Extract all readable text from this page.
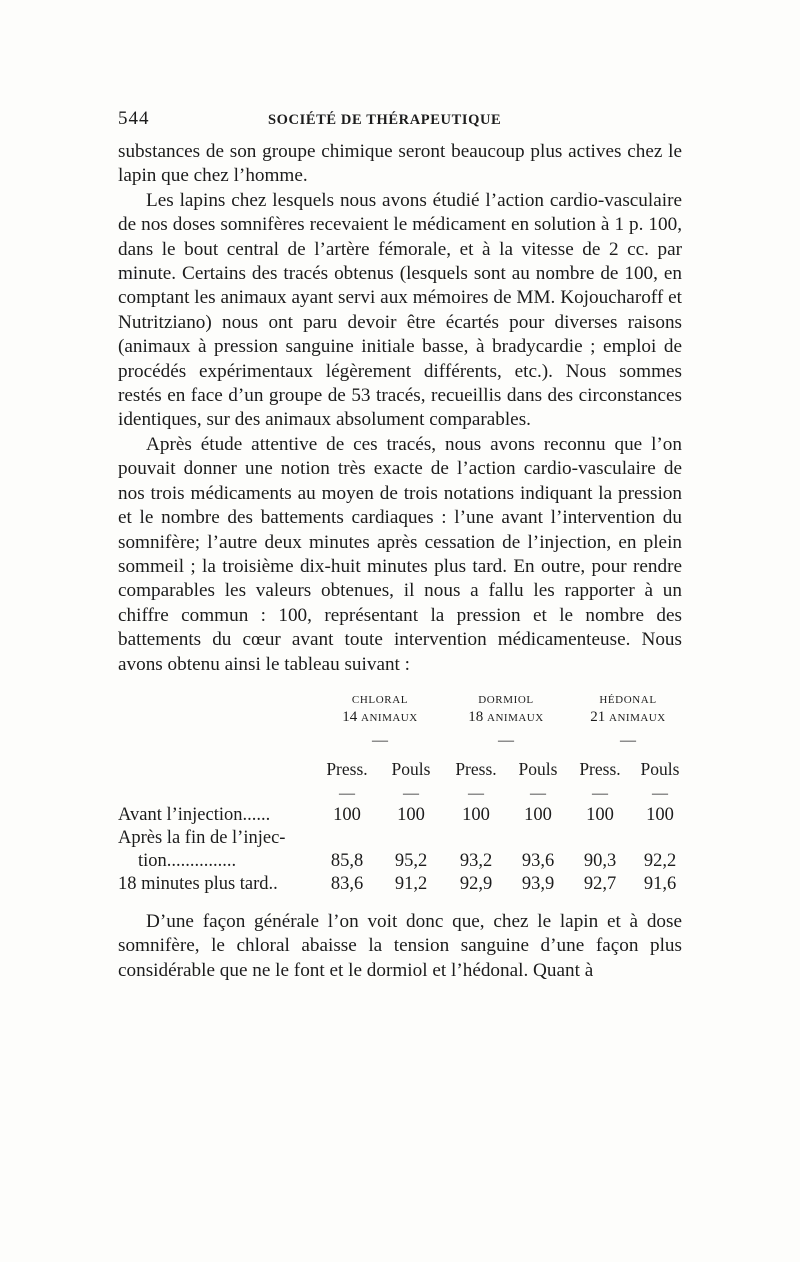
544	SOCIÉTÉ DE THÉRAPEUTIQUE

substances de son groupe chimique seront beaucoup plus actives chez le lapin que chez l’homme.

Les lapins chez lesquels nous avons étudié l’action cardio-vasculaire de nos doses somnifères recevaient le médicament en solution à 1 p. 100, dans le bout central de l’artère fémorale, et à la vitesse de 2 cc. par minute. Certains des tracés obtenus (lesquels sont au nombre de 100, en comptant les animaux ayant servi aux mémoires de MM. Kojoucharoff et Nutritziano) nous ont paru devoir être écartés pour diverses raisons (animaux à pression sanguine initiale basse, à bradycardie ; emploi de procédés expérimentaux légèrement différents, etc.). Nous sommes restés en face d’un groupe de 53 tracés, recueillis dans des circonstances identiques, sur des animaux absolument comparables.

Après étude attentive de ces tracés, nous avons reconnu que l’on pouvait donner une notion très exacte de l’action cardio-vasculaire de nos trois médicaments au moyen de trois notations indiquant la pression et le nombre des battements cardiaques : l’une avant l’intervention du somnifère; l’autre deux minutes après cessation de l’injection, en plein sommeil ; la troisième dix-huit minutes plus tard. En outre, pour rendre comparables les valeurs obtenues, il nous a fallu les rapporter à un chiffre commun : 100, représentant la pression et le nombre des battements du cœur avant toute intervention médicamenteuse. Nous avons obtenu ainsi le tableau suivant :

	CHLORAL		DORMIOL		HÉDONAL	
	14 ANIMAUX		18 ANIMAUX		21 ANIMAUX	
	—		—		—	
	Press.	Pouls	Press.	Pouls	Press.	Pouls
	—	—	—	—	—	—
Avant l’injection......	100	100	100	100	100	100
Après la fin de l’injec-						
tion...............	85,8	95,2	93,2	93,6	90,3	92,2
18 minutes plus tard..	83,6	91,2	92,9	93,9	92,7	91,6

D’une façon générale l’on voit donc que, chez le lapin et à dose somnifère, le chloral abaisse la tension sanguine d’une façon plus considérable que ne le font et le dormiol et l’hédonal. Quant à
